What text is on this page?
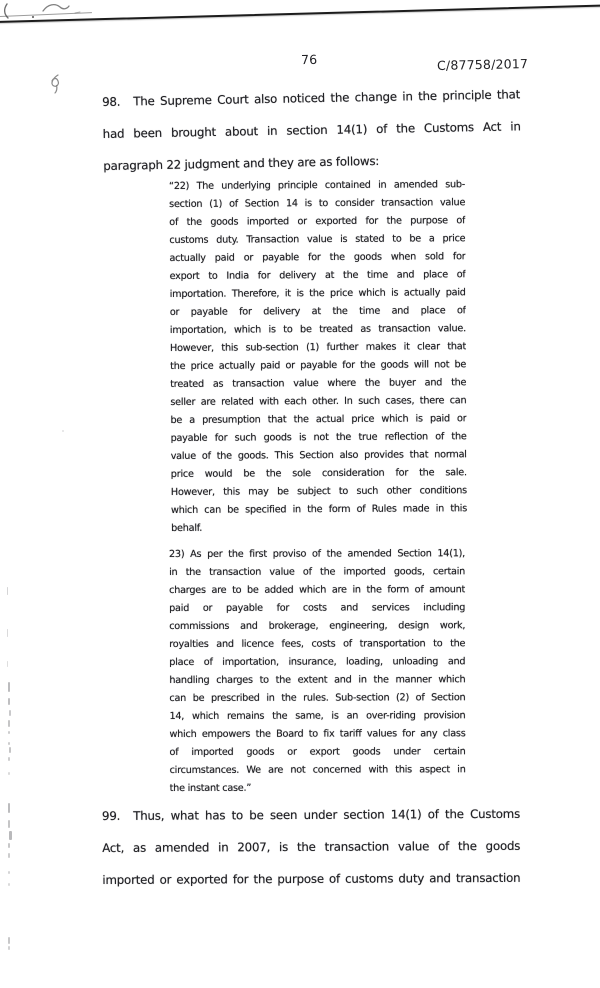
76	C/87758/2017
98. The Supreme Court also noticed the change in the principle that
had been brought about in section 14(1) of the Customs Act in
paragraph 22 judgment and they are as follows:
“22) The underlying principle contained in amended sub-
section (1) of Section 14 is to consider transaction value
of the goods imported or exported for the purpose of
customs duty. Transaction value is stated to be a price
actually paid or payable for the goods when sold for
export to India for delivery at the time and place of
importation. Therefore, it is the price which is actually paid
or payable for delivery at the time and place of
importation, which is to be treated as transaction value.
However, this sub-section (1) further makes it clear that
the price actually paid or payable for the goods will not be
treated as transaction value where the buyer and the
seller are related with each other. In such cases, there can
be a presumption that the actual price which is paid or
payable for such goods is not the true reflection of the
value of the goods. This Section also provides that normal
price would be the sole consideration for the sale.
However, this may be subject to such other conditions
which can be specified in the form of Rules made in this
behalf.
23) As per the first proviso of the amended Section 14(1),
in the transaction value of the imported goods, certain
charges are to be added which are in the form of amount
paid or payable for costs and services including
commissions and brokerage, engineering, design work,
royalties and licence fees, costs of transportation to the
place of importation, insurance, loading, unloading and
handling charges to the extent and in the manner which
can be prescribed in the rules. Sub-section (2) of Section
14, which remains the same, is an over-riding provision
which empowers the Board to fix tariff values for any class
of imported goods or export goods under certain
circumstances. We are not concerned with this aspect in
the instant case.”
99. Thus, what has to be seen under section 14(1) of the Customs
Act, as amended in 2007, is the transaction value of the goods
imported or exported for the purpose of customs duty and transaction
